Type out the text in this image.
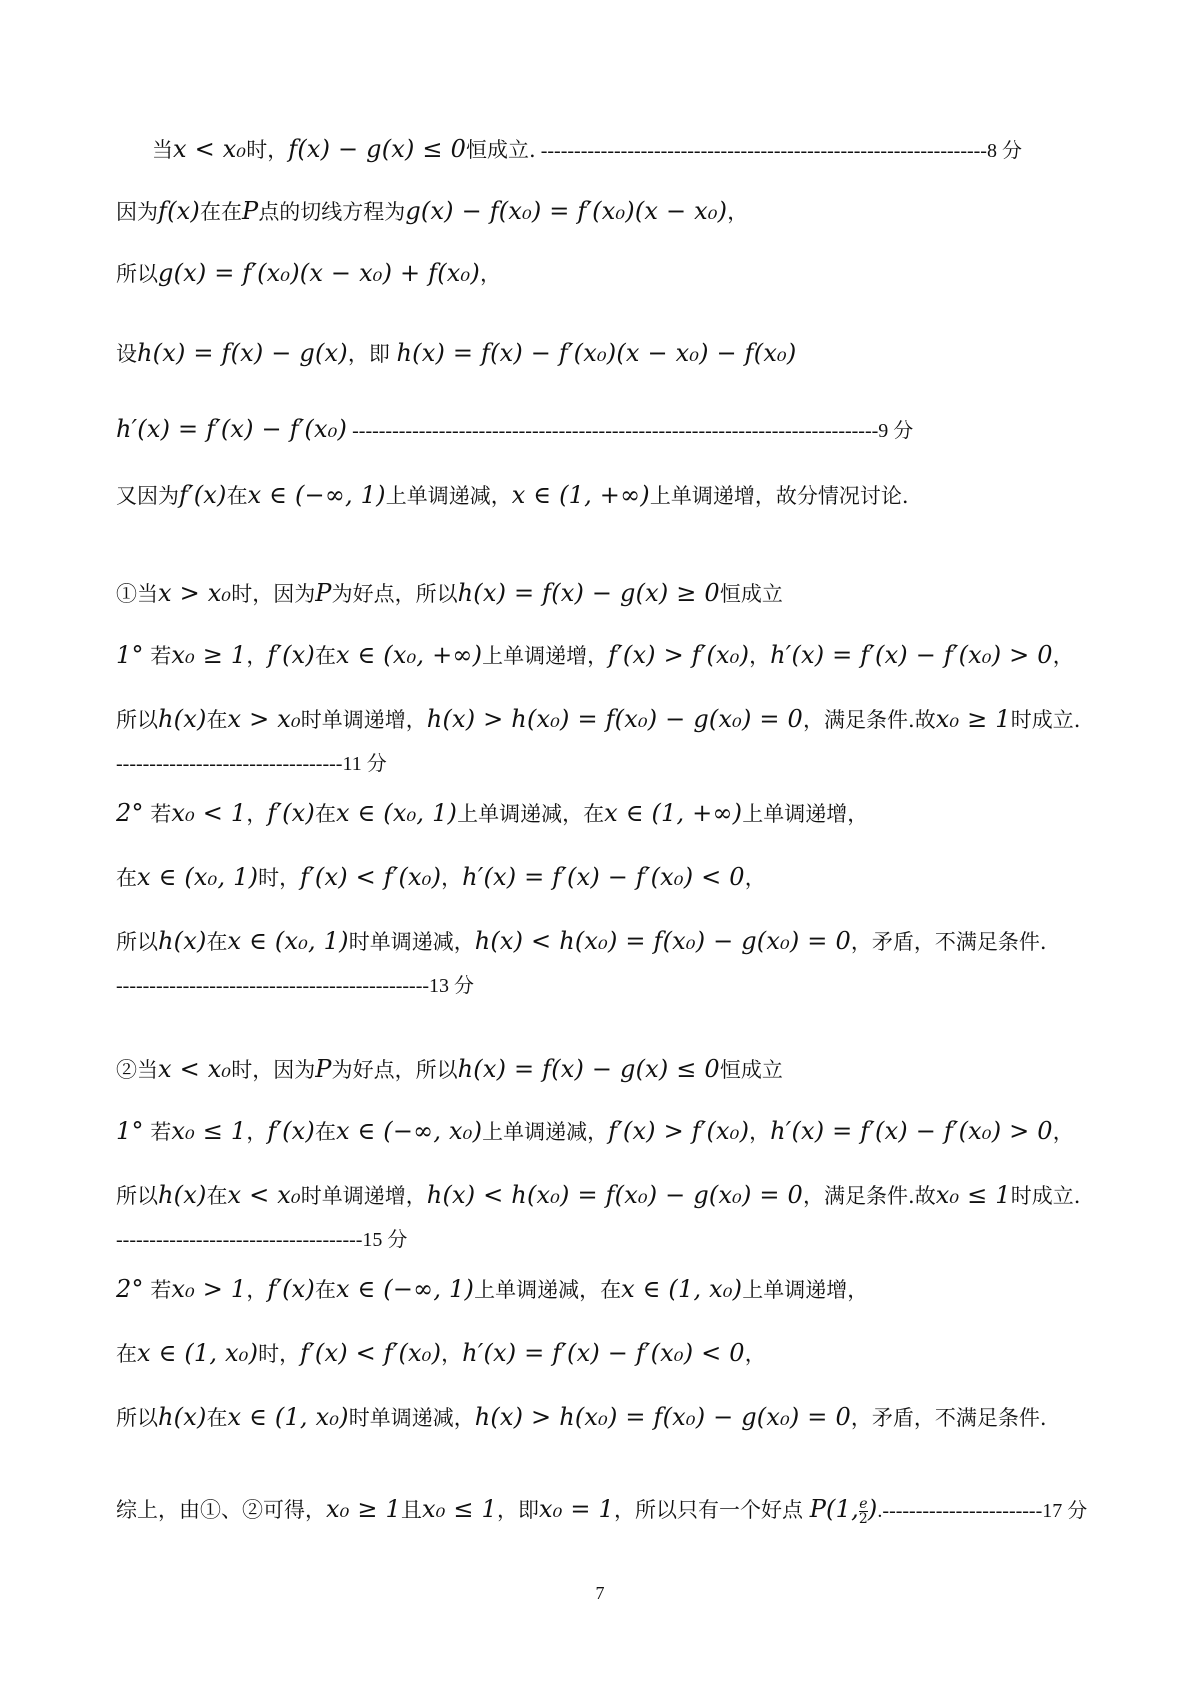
当x < x₀时，f(x) − g(x) ≤ 0恒成立. -------------------------------------------------------------------8 分
因为f(x)在在P点的切线方程为g(x) − f(x₀) = f′(x₀)(x − x₀)，
所以g(x) = f′(x₀)(x − x₀) + f(x₀)，
设h(x) = f(x) − g(x)，即 h(x) = f(x) − f′(x₀)(x − x₀) − f(x₀)
h′(x) = f′(x) − f′(x₀) -------------------------------------------------------------------------------9 分
又因为f′(x)在x ∈ (−∞, 1)上单调递减，x ∈ (1, +∞)上单调递增，故分情况讨论.
①当x > x₀时，因为P为好点，所以h(x) = f(x) − g(x) ≥ 0恒成立
1° 若x₀ ≥ 1，f′(x)在x ∈ (x₀, +∞)上单调递增，f′(x) > f′(x₀)，h′(x) = f′(x) − f′(x₀) > 0，
所以h(x)在x > x₀时单调递增，h(x) > h(x₀) = f(x₀) − g(x₀) = 0，满足条件.故x₀ ≥ 1时成立.
----------------------------------11 分
2° 若x₀ < 1，f′(x)在x ∈ (x₀, 1)上单调递减，在x ∈ (1, +∞)上单调递增，
在x ∈ (x₀, 1)时，f′(x) < f′(x₀)，h′(x) = f′(x) − f′(x₀) < 0，
所以h(x)在x ∈ (x₀, 1)时单调递减，h(x) < h(x₀) = f(x₀) − g(x₀) = 0，矛盾，不满足条件.
-----------------------------------------------13 分
②当x < x₀时，因为P为好点，所以h(x) = f(x) − g(x) ≤ 0恒成立
1° 若x₀ ≤ 1，f′(x)在x ∈ (−∞, x₀)上单调递减，f′(x) > f′(x₀)，h′(x) = f′(x) − f′(x₀) > 0，
所以h(x)在x < x₀时单调递增，h(x) < h(x₀) = f(x₀) − g(x₀) = 0，满足条件.故x₀ ≤ 1时成立.
-------------------------------------15 分
2° 若x₀ > 1，f′(x)在x ∈ (−∞, 1)上单调递减，在x ∈ (1, x₀)上单调递增，
在x ∈ (1, x₀)时，f′(x) < f′(x₀)，h′(x) = f′(x) − f′(x₀) < 0，
所以h(x)在x ∈ (1, x₀)时单调递减，h(x) > h(x₀) = f(x₀) − g(x₀) = 0，矛盾，不满足条件.
综上，由①、②可得，x₀ ≥ 1且x₀ ≤ 1，即x₀ = 1，所以只有一个好点 P(1, $\frac{e}{2} ).------------------------17$ 分
7
